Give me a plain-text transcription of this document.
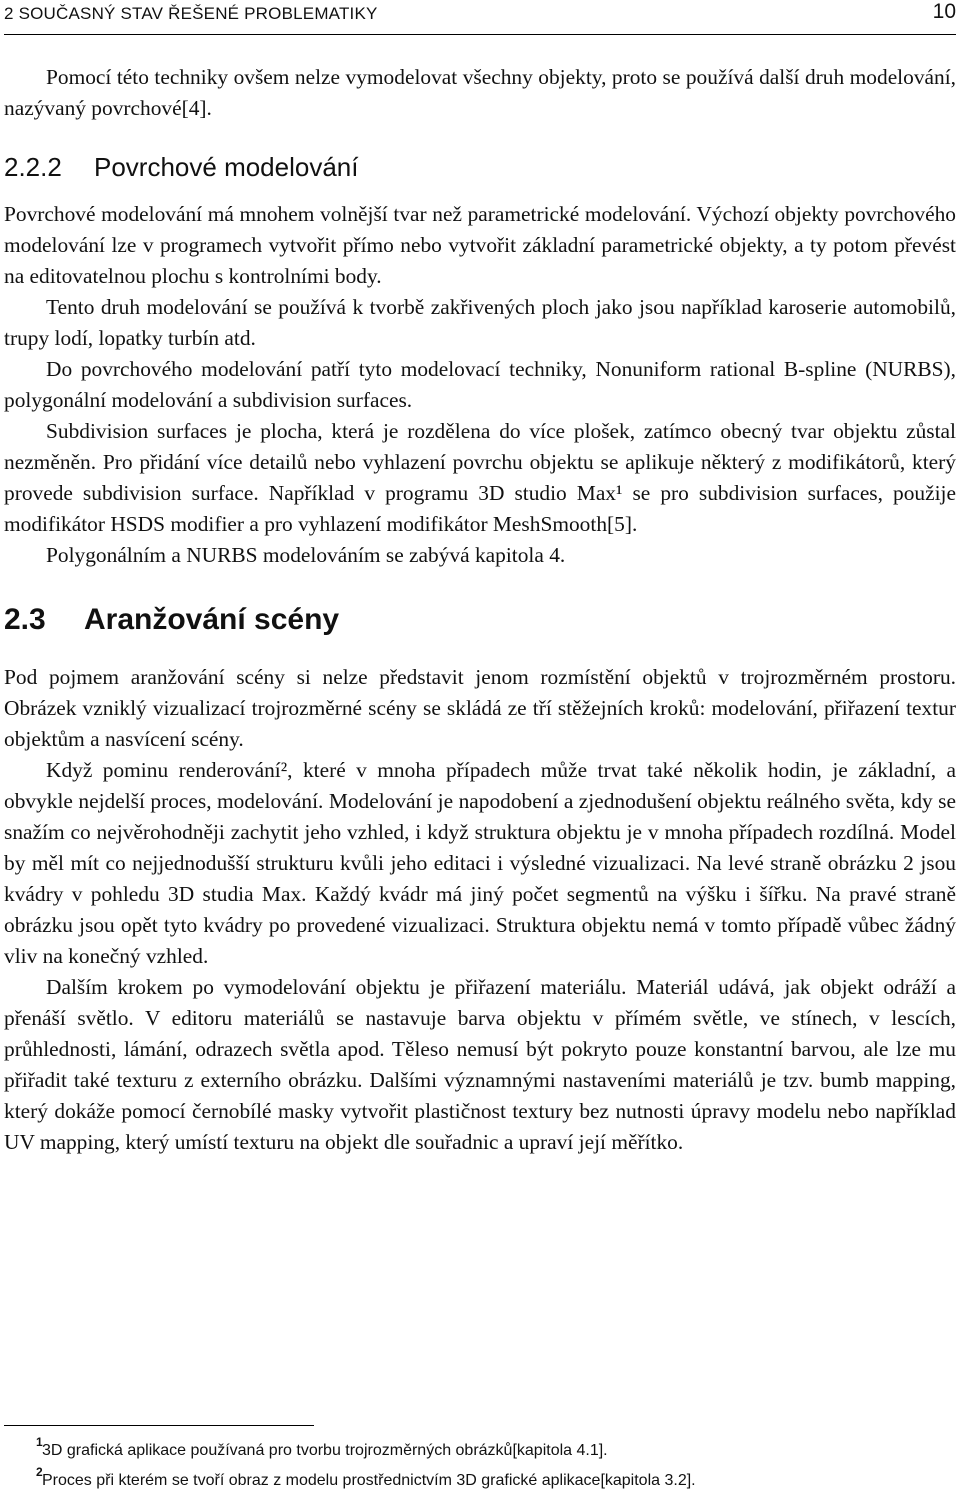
2 SOUČASNÝ STAV ŘEŠENÉ PROBLEMATIKY	10

Pomocí této techniky ovšem nelze vymodelovat všechny objekty, proto se používá další druh modelování, nazývaný povrchové[4].

2.2.2 Povrchové modelování

Povrchové modelování má mnohem volnější tvar než parametrické modelování. Výchozí objekty povrchového modelování lze v programech vytvořit přímo nebo vytvořit základní parametrické objekty, a ty potom převést na editovatelnou plochu s kontrolními body.

Tento druh modelování se používá k tvorbě zakřivených ploch jako jsou například karoserie automobilů, trupy lodí, lopatky turbín atd.

Do povrchového modelování patří tyto modelovací techniky, Nonuniform rational B-spline (NURBS), polygonální modelování a subdivision surfaces.

Subdivision surfaces je plocha, která je rozdělena do více plošek, zatímco obecný tvar objektu zůstal nezměněn. Pro přidání více detailů nebo vyhlazení povrchu objektu se aplikuje některý z modifikátorů, který provede subdivision surface. Například v programu 3D studio Max¹ se pro subdivision surfaces, použije modifikátor HSDS modifier a pro vyhlazení modifikátor MeshSmooth[5].

Polygonálním a NURBS modelováním se zabývá kapitola 4.

2.3 Aranžování scény

Pod pojmem aranžování scény si nelze představit jenom rozmístění objektů v trojrozměrném prostoru. Obrázek vzniklý vizualizací trojrozměrné scény se skládá ze tří stěžejních kroků: modelování, přiřazení textur objektům a nasvícení scény.

Když pominu renderování², které v mnoha případech může trvat také několik hodin, je základní, a obvykle nejdelší proces, modelování. Modelování je napodobení a zjednodušení objektu reálného světa, kdy se snažím co nejvěrohodněji zachytit jeho vzhled, i když struktura objektu je v mnoha případech rozdílná. Model by měl mít co nejjednodušší strukturu kvůli jeho editaci i výsledné vizualizaci. Na levé straně obrázku 2 jsou kvádry v pohledu 3D studia Max. Každý kvádr má jiný počet segmentů na výšku i šířku. Na pravé straně obrázku jsou opět tyto kvádry po provedené vizualizaci. Struktura objektu nemá v tomto případě vůbec žádný vliv na konečný vzhled.

Dalším krokem po vymodelování objektu je přiřazení materiálu. Materiál udává, jak objekt odráží a přenáší světlo. V editoru materiálů se nastavuje barva objektu v přímém světle, ve stínech, v lescích, průhlednosti, lámání, odrazech světla apod. Těleso nemusí být pokryto pouze konstantní barvou, ale lze mu přiřadit také texturu z externího obrázku. Dalšími významnými nastaveními materiálů je tzv. bumb mapping, který dokáže pomocí černobílé masky vytvořit plastičnost textury bez nutnosti úpravy modelu nebo například UV mapping, který umístí texturu na objekt dle souřadnic a upraví její měřítko.

1 3D grafická aplikace používaná pro tvorbu trojrozměrných obrázků[kapitola 4.1].
2 Proces při kterém se tvoří obraz z modelu prostřednictvím 3D grafické aplikace[kapitola 3.2].
